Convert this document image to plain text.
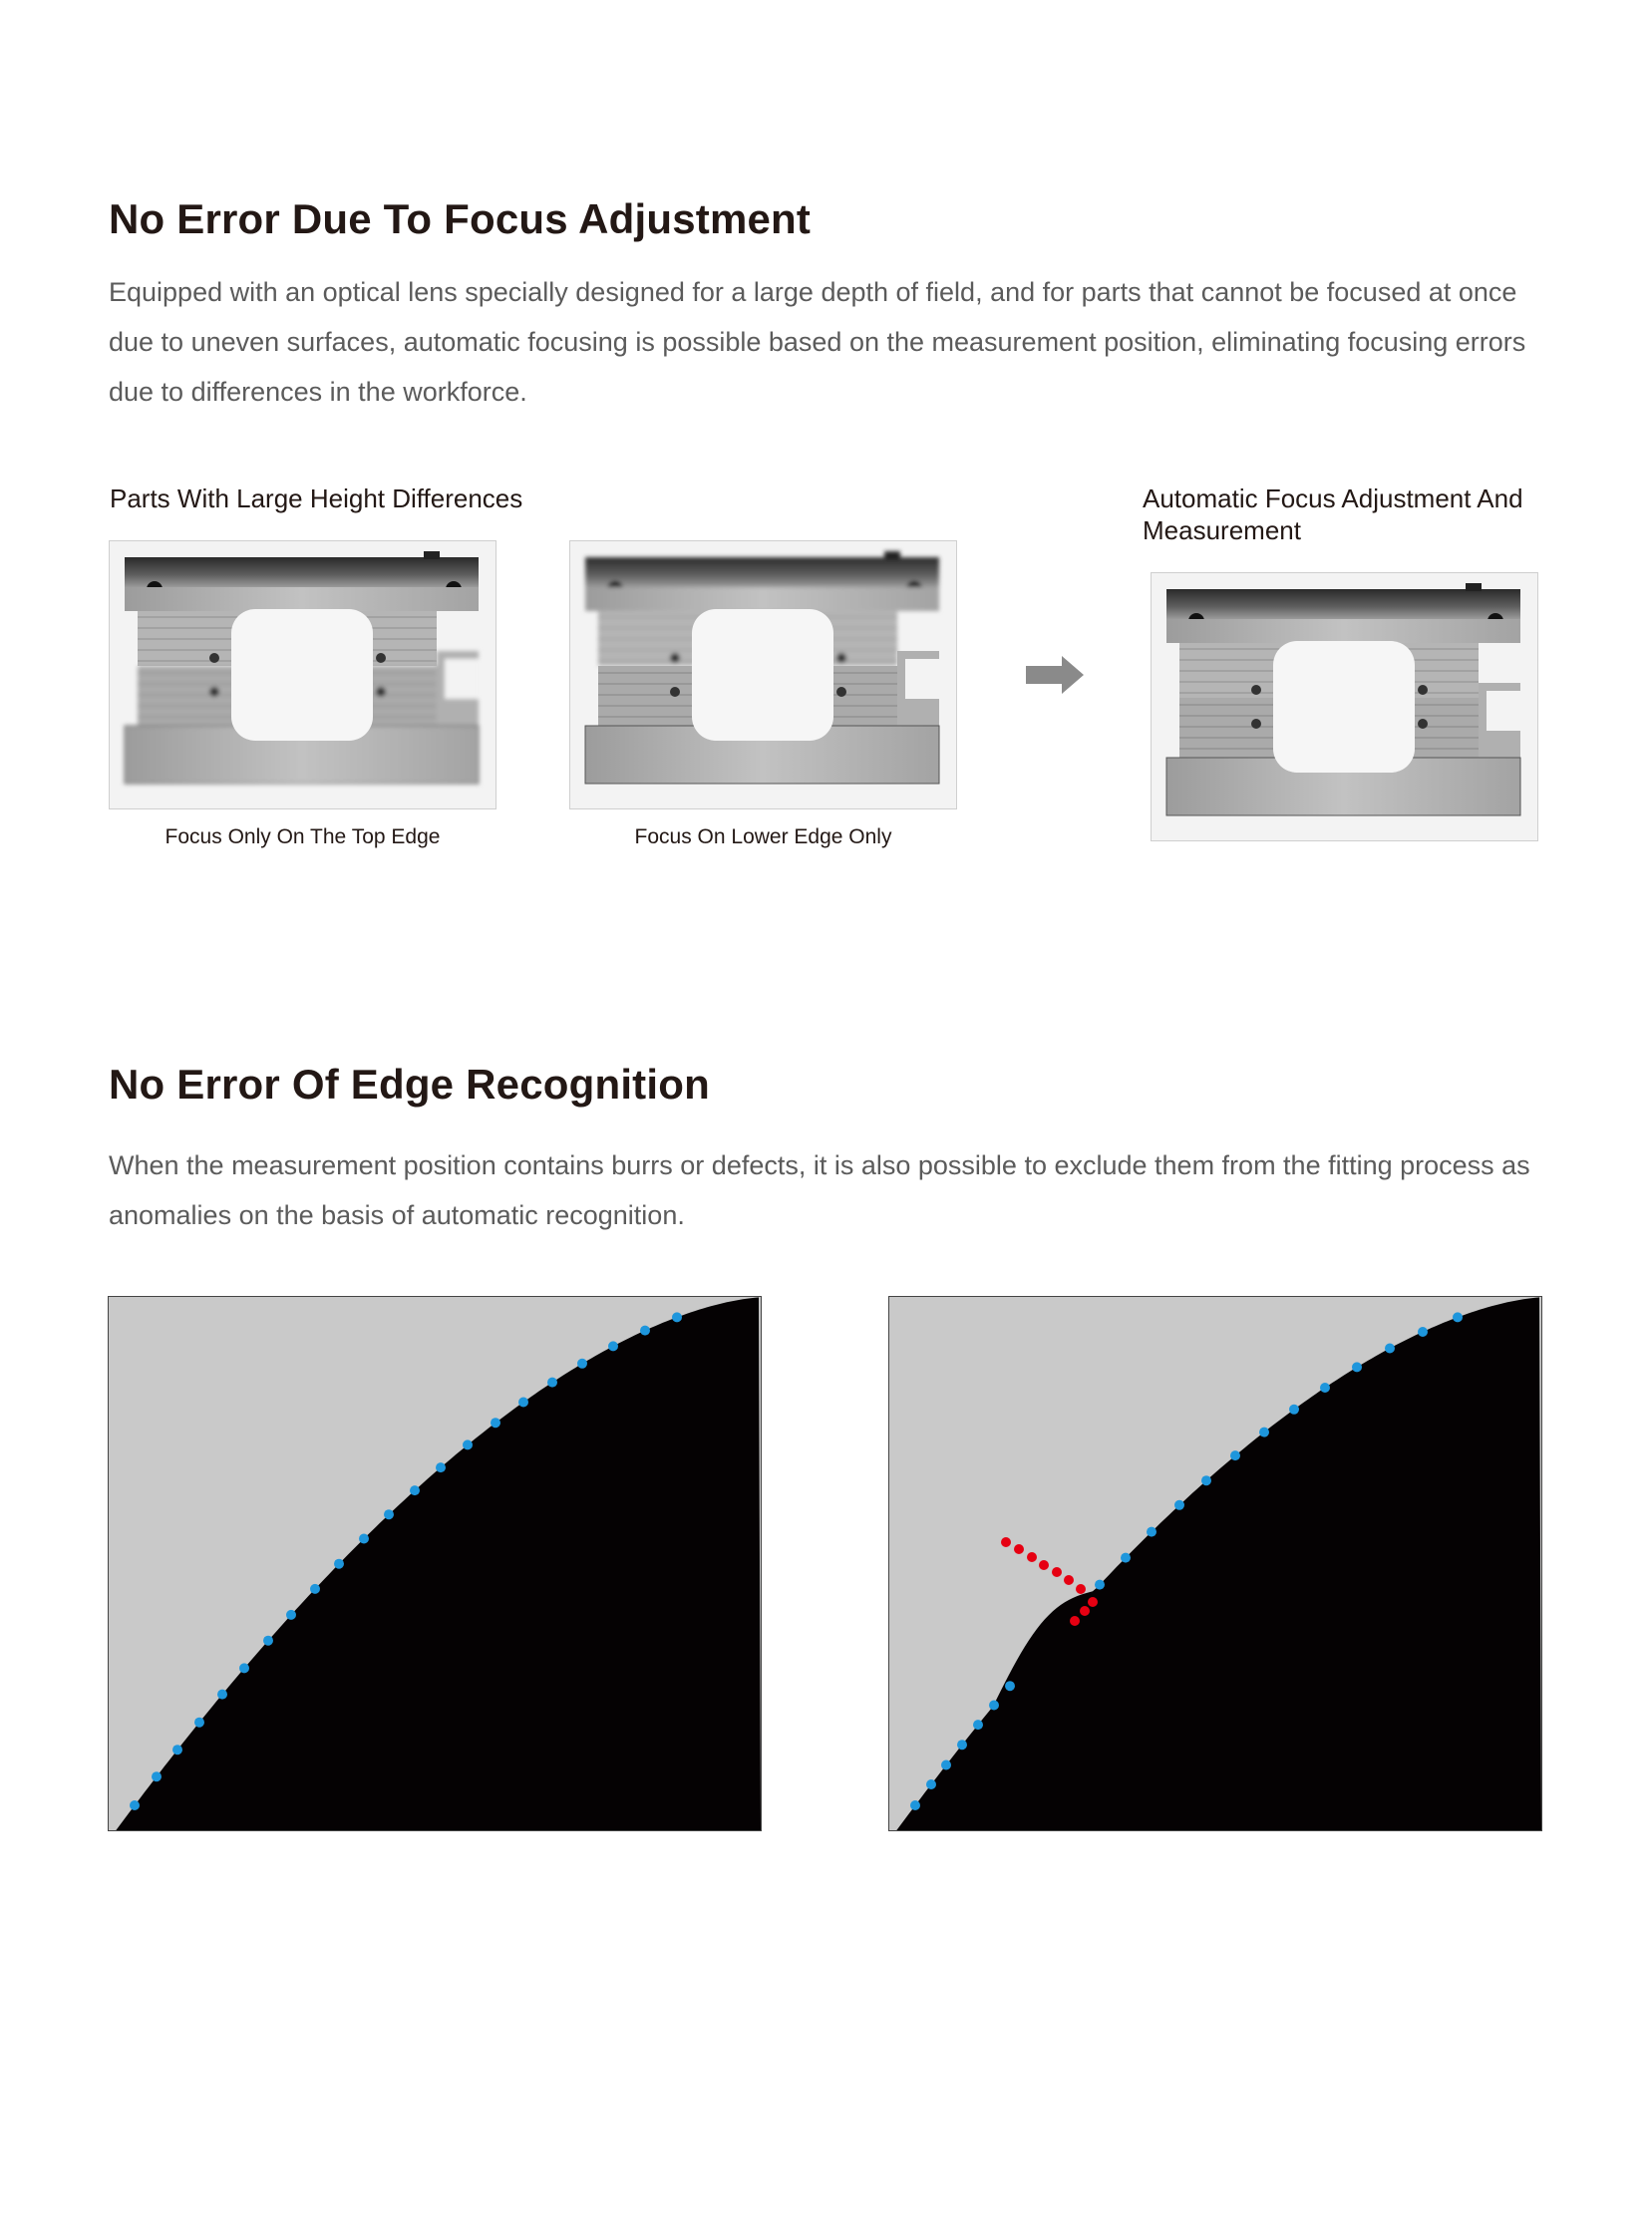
No Error Due To Focus Adjustment

Equipped with an optical lens specially designed for a large depth of field, and for parts that cannot be focused at once due to uneven surfaces, automatic focusing is possible based on the measurement position, eliminating focusing errors due to differences in the workforce.

Parts With Large Height Differences	Automatic Focus Adjustment And Measurement
Focus Only On The Top Edge	Focus On Lower Edge Only
No Error Of Edge Recognition

When the measurement position contains burrs or defects, it is also possible to exclude them from the fitting process as anomalies on the basis of automatic recognition.
